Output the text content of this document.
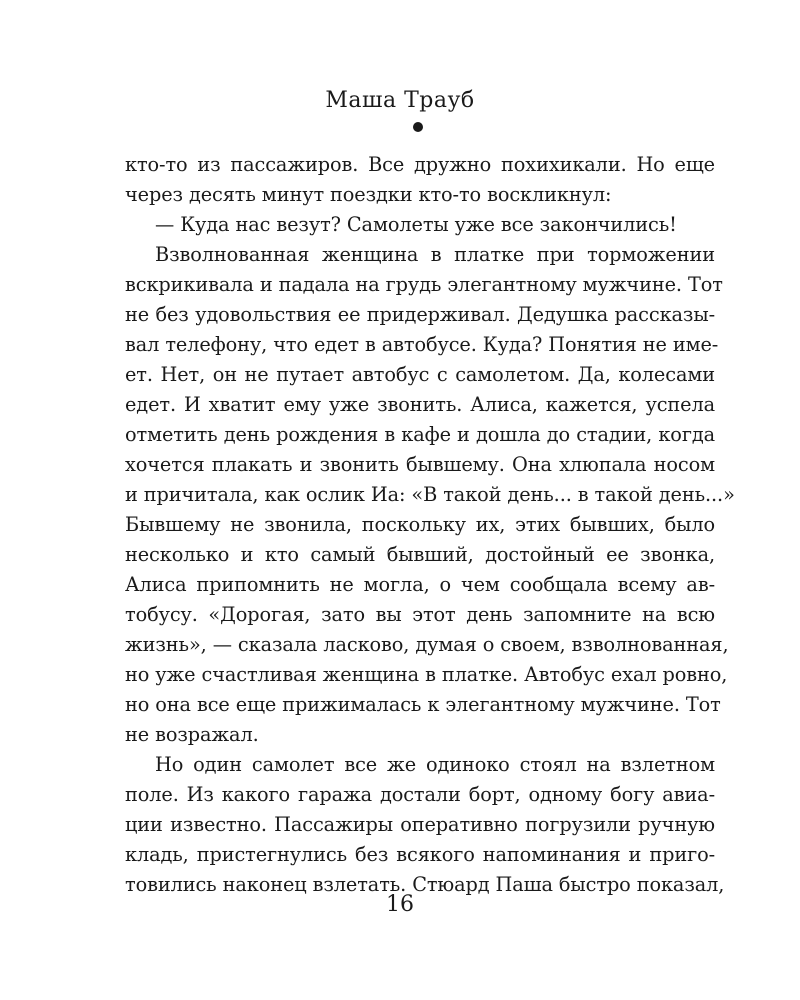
Маша Трауб
кто-то из пассажиров. Все дружно похихикали. Но еще
через десять минут поездки кто-то воскликнул:
— Куда нас везут? Самолеты уже все закончились!
Взволнованная женщина в платке при торможении
вскрикивала и падала на грудь элегантному мужчине. Тот
не без удовольствия ее придерживал. Дедушка рассказы-
вал телефону, что едет в автобусе. Куда? Понятия не име-
ет. Нет, он не путает автобус с самолетом. Да, колесами
едет. И хватит ему уже звонить. Алиса, кажется, успела
отметить день рождения в кафе и дошла до стадии, когда
хочется плакать и звонить бывшему. Она хлюпала носом
и причитала, как ослик Иа: «В такой день... в такой день...»
Бывшему не звонила, поскольку их, этих бывших, было
несколько и кто самый бывший, достойный ее звонка,
Алиса припомнить не могла, о чем сообщала всему ав-
тобусу. «Дорогая, зато вы этот день запомните на всю
жизнь», — сказала ласково, думая о своем, взволнованная,
но уже счастливая женщина в платке. Автобус ехал ровно,
но она все еще прижималась к элегантному мужчине. Тот
не возражал.
Но один самолет все же одиноко стоял на взлетном
поле. Из какого гаража достали борт, одному богу авиа-
ции известно. Пассажиры оперативно погрузили ручную
кладь, пристегнулись без всякого напоминания и приго-
товились наконец взлетать. Стюард Паша быстро показал,
16
